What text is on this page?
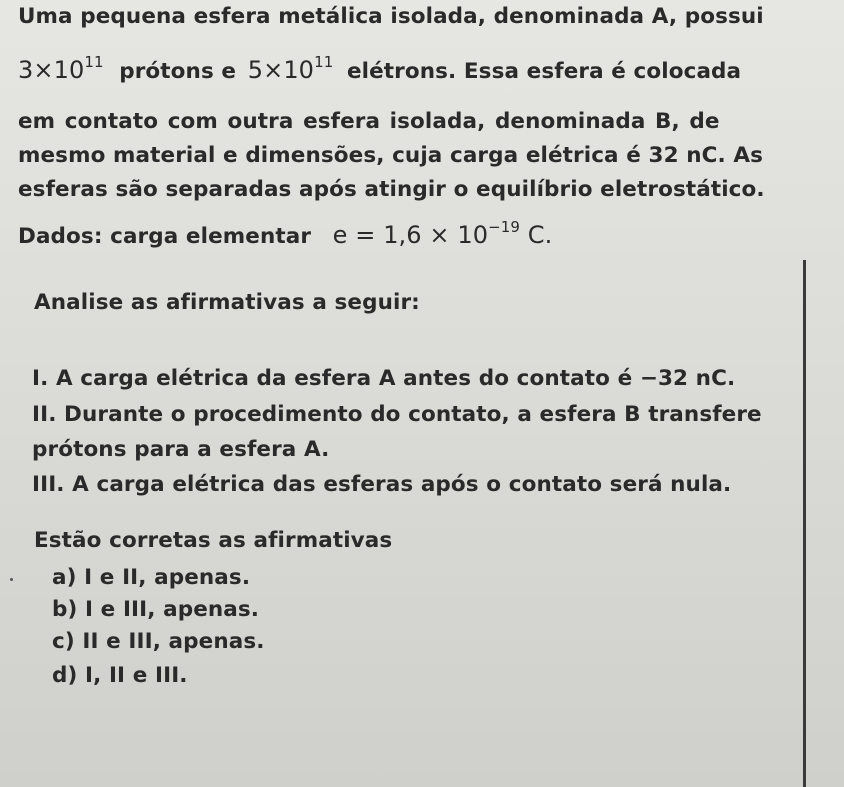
Uma pequena esfera metálica isolada, denominada A, possui
$3\times 10^{11}$ prótons e $5\times 10^{11}$ elétrons. Essa esfera é colocada
em contato com outra esfera isolada, denominada B, de
mesmo material e dimensões, cuja carga elétrica é 32 nC. As
esferas são separadas após atingir o equilíbrio eletrostático.
Dados: carga elementar $e = 1,6 \times 10^{-19}$ C.
Analise as afirmativas a seguir:
I. A carga elétrica da esfera A antes do contato é −32 nC.
II. Durante o procedimento do contato, a esfera B transfere
prótons para a esfera A.
III. A carga elétrica das esferas após o contato será nula.
Estão corretas as afirmativas
a) I e II, apenas.
b) I e III, apenas.
c) II e III, apenas.
d) I, II e III.
